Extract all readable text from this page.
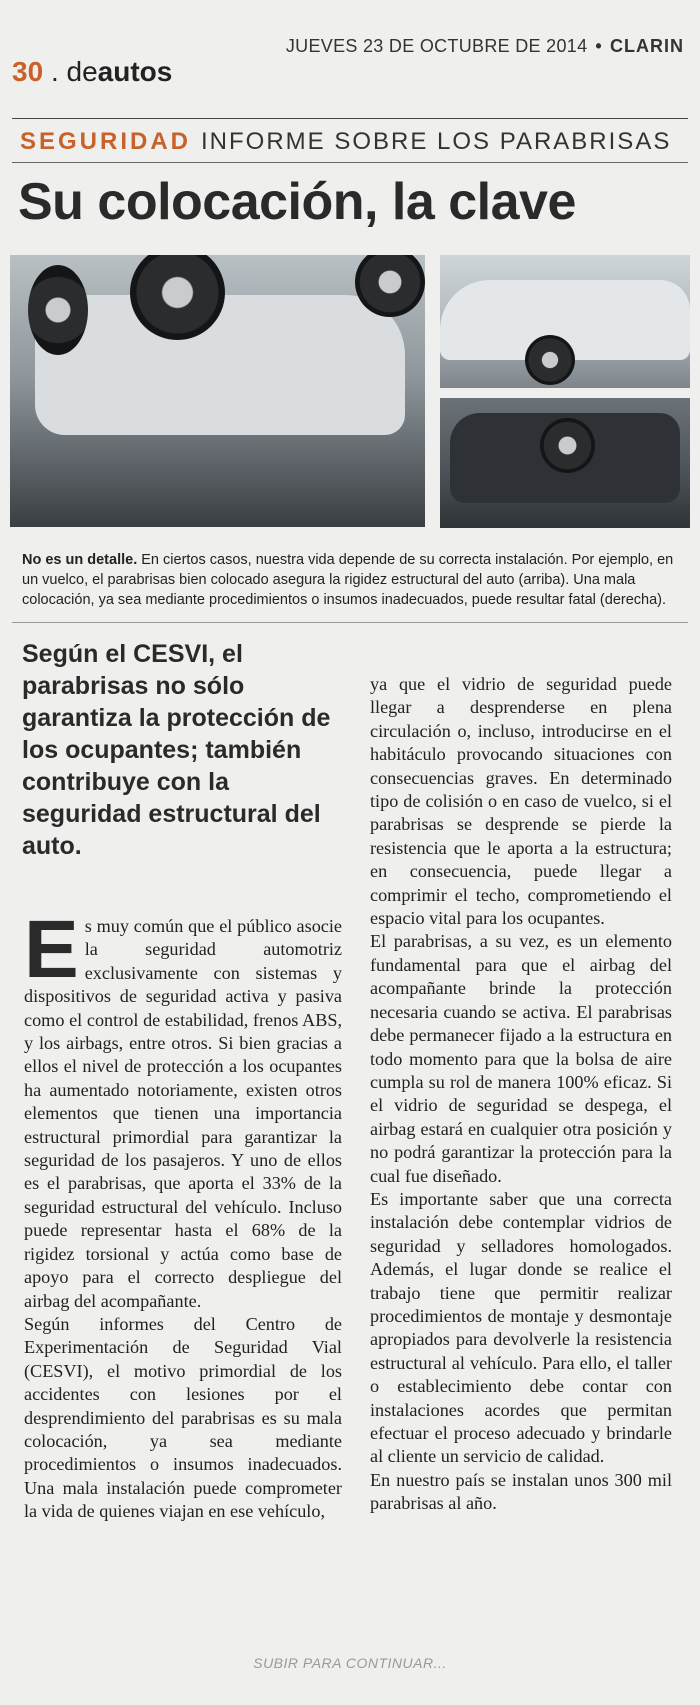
JUEVES 23 DE OCTUBRE DE 2014 • CLARIN
30 . deautos
SEGURIDAD INFORME SOBRE LOS PARABRISAS
Su colocación, la clave
No es un detalle. En ciertos casos, nuestra vida depende de su correcta instalación. Por ejemplo, en un vuelco, el parabrisas bien colocado asegura la rigidez estructural del auto (arriba). Una mala colocación, ya sea mediante procedimientos o insumos inadecuados, puede resultar fatal (derecha).
Según el CESVI, el parabrisas no sólo garantiza la protección de los ocupantes; también contribuye con la seguridad estructural del auto.

Es muy común que el público asocie la seguridad automotriz exclusivamente con sistemas y dispositivos de seguridad activa y pasiva como el control de estabilidad, frenos ABS, y los airbags, entre otros. Si bien gracias a ellos el nivel de protección a los ocupantes ha aumentado notoriamente, existen otros elementos que tienen una importancia estructural primordial para garantizar la seguridad de los pasajeros. Y uno de ellos es el parabrisas, que aporta el 33% de la seguridad estructural del vehículo. Incluso puede representar hasta el 68% de la rigidez torsional y actúa como base de apoyo para el correcto despliegue del airbag del acompañante.

Según informes del Centro de Experimentación de Seguridad Vial (CESVI), el motivo primordial de los accidentes con lesiones por el desprendimiento del parabrisas es su mala colocación, ya sea mediante procedimientos o insumos inadecuados. Una mala instalación puede comprometer la vida de quienes viajan en ese vehículo,

ya que el vidrio de seguridad puede llegar a desprenderse en plena circulación o, incluso, introducirse en el habitáculo provocando situaciones con consecuencias graves. En determinado tipo de colisión o en caso de vuelco, si el parabrisas se desprende se pierde la resistencia que le aporta a la estructura; en consecuencia, puede llegar a comprimir el techo, comprometiendo el espacio vital para los ocupantes.

El parabrisas, a su vez, es un elemento fundamental para que el airbag del acompañante brinde la protección necesaria cuando se activa. El parabrisas debe permanecer fijado a la estructura en todo momento para que la bolsa de aire cumpla su rol de manera 100% eficaz. Si el vidrio de seguridad se despega, el airbag estará en cualquier otra posición y no podrá garantizar la protección para la cual fue diseñado.

Es importante saber que una correcta instalación debe contemplar vidrios de seguridad y selladores homologados. Además, el lugar donde se realice el trabajo tiene que permitir realizar procedimientos de montaje y desmontaje apropiados para devolverle la resistencia estructural al vehículo. Para ello, el taller o establecimiento debe contar con instalaciones acordes que permitan efectuar el proceso adecuado y brindarle al cliente un servicio de calidad.

En nuestro país se instalan unos 300 mil parabrisas al año.

SUBIR PARA CONTINUAR...
